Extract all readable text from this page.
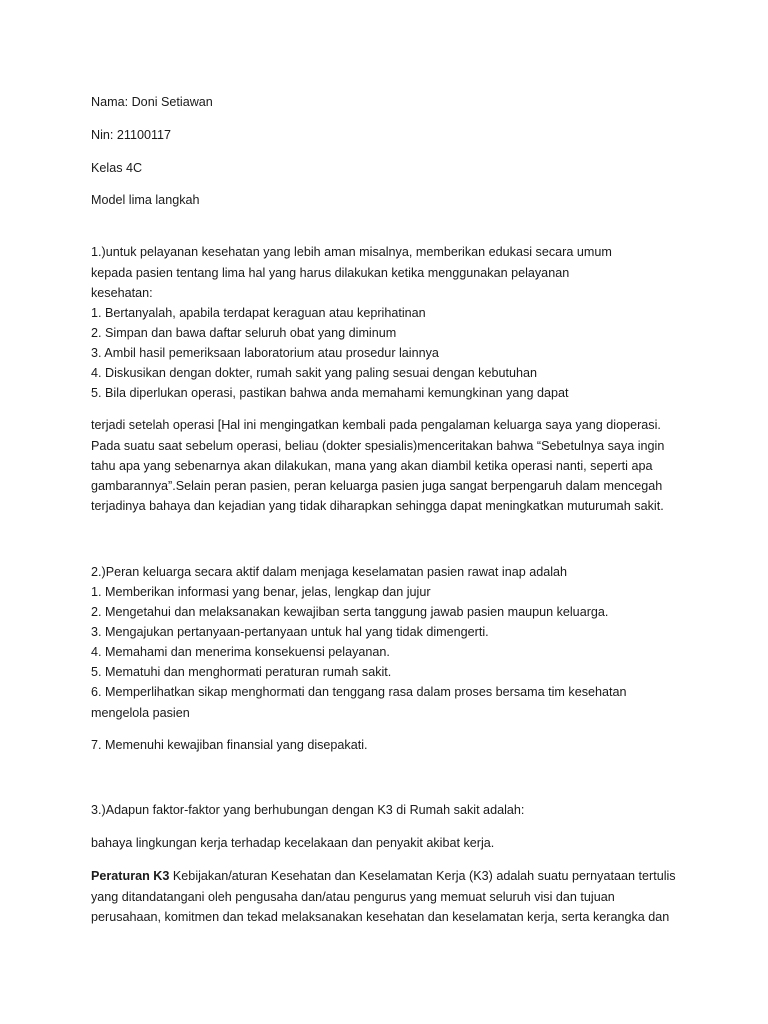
Nama: Doni Setiawan
Nin: 21100117
Kelas 4C
Model lima langkah
1.)untuk pelayanan kesehatan yang lebih aman misalnya, memberikan edukasi secara umum
kepada pasien tentang lima hal yang harus dilakukan ketika menggunakan pelayanan
kesehatan:
1. Bertanyalah, apabila terdapat keraguan atau keprihatinan
2. Simpan dan bawa daftar seluruh obat yang diminum
3. Ambil hasil pemeriksaan laboratorium atau prosedur lainnya
4. Diskusikan dengan dokter, rumah sakit yang paling sesuai dengan kebutuhan
5. Bila diperlukan operasi, pastikan bahwa anda memahami kemungkinan yang dapat
terjadi setelah operasi [Hal ini mengingatkan kembali pada pengalaman keluarga saya yang dioperasi.
Pada suatu saat sebelum operasi, beliau (dokter spesialis)menceritakan bahwa “Sebetulnya saya ingin
tahu apa yang sebenarnya akan dilakukan, mana yang akan diambil ketika operasi nanti, seperti apa
gambarannya”.Selain peran pasien, peran keluarga pasien juga sangat berpengaruh dalam mencegah
terjadinya bahaya dan kejadian yang tidak diharapkan sehingga dapat meningkatkan muturumah sakit.
2.)Peran keluarga secara aktif dalam menjaga keselamatan pasien rawat inap adalah
1. Memberikan informasi yang benar, jelas, lengkap dan jujur
2. Mengetahui dan melaksanakan kewajiban serta tanggung jawab pasien maupun keluarga.
3. Mengajukan pertanyaan-pertanyaan untuk hal yang tidak dimengerti.
4. Memahami dan menerima konsekuensi pelayanan.
5. Mematuhi dan menghormati peraturan rumah sakit.
6. Memperlihatkan sikap menghormati dan tenggang rasa dalam proses bersama tim kesehatan
mengelola pasien
7. Memenuhi kewajiban finansial yang disepakati.
3.)Adapun faktor-faktor yang berhubungan dengan K3 di Rumah sakit adalah:
bahaya lingkungan kerja terhadap kecelakaan dan penyakit akibat kerja.
Peraturan K3 Kebijakan/aturan Kesehatan dan Keselamatan Kerja (K3) adalah suatu pernyataan tertulis
yang ditandatangani oleh pengusaha dan/atau pengurus yang memuat seluruh visi dan tujuan
perusahaan, komitmen dan tekad melaksanakan kesehatan dan keselamatan kerja, serta kerangka dan
